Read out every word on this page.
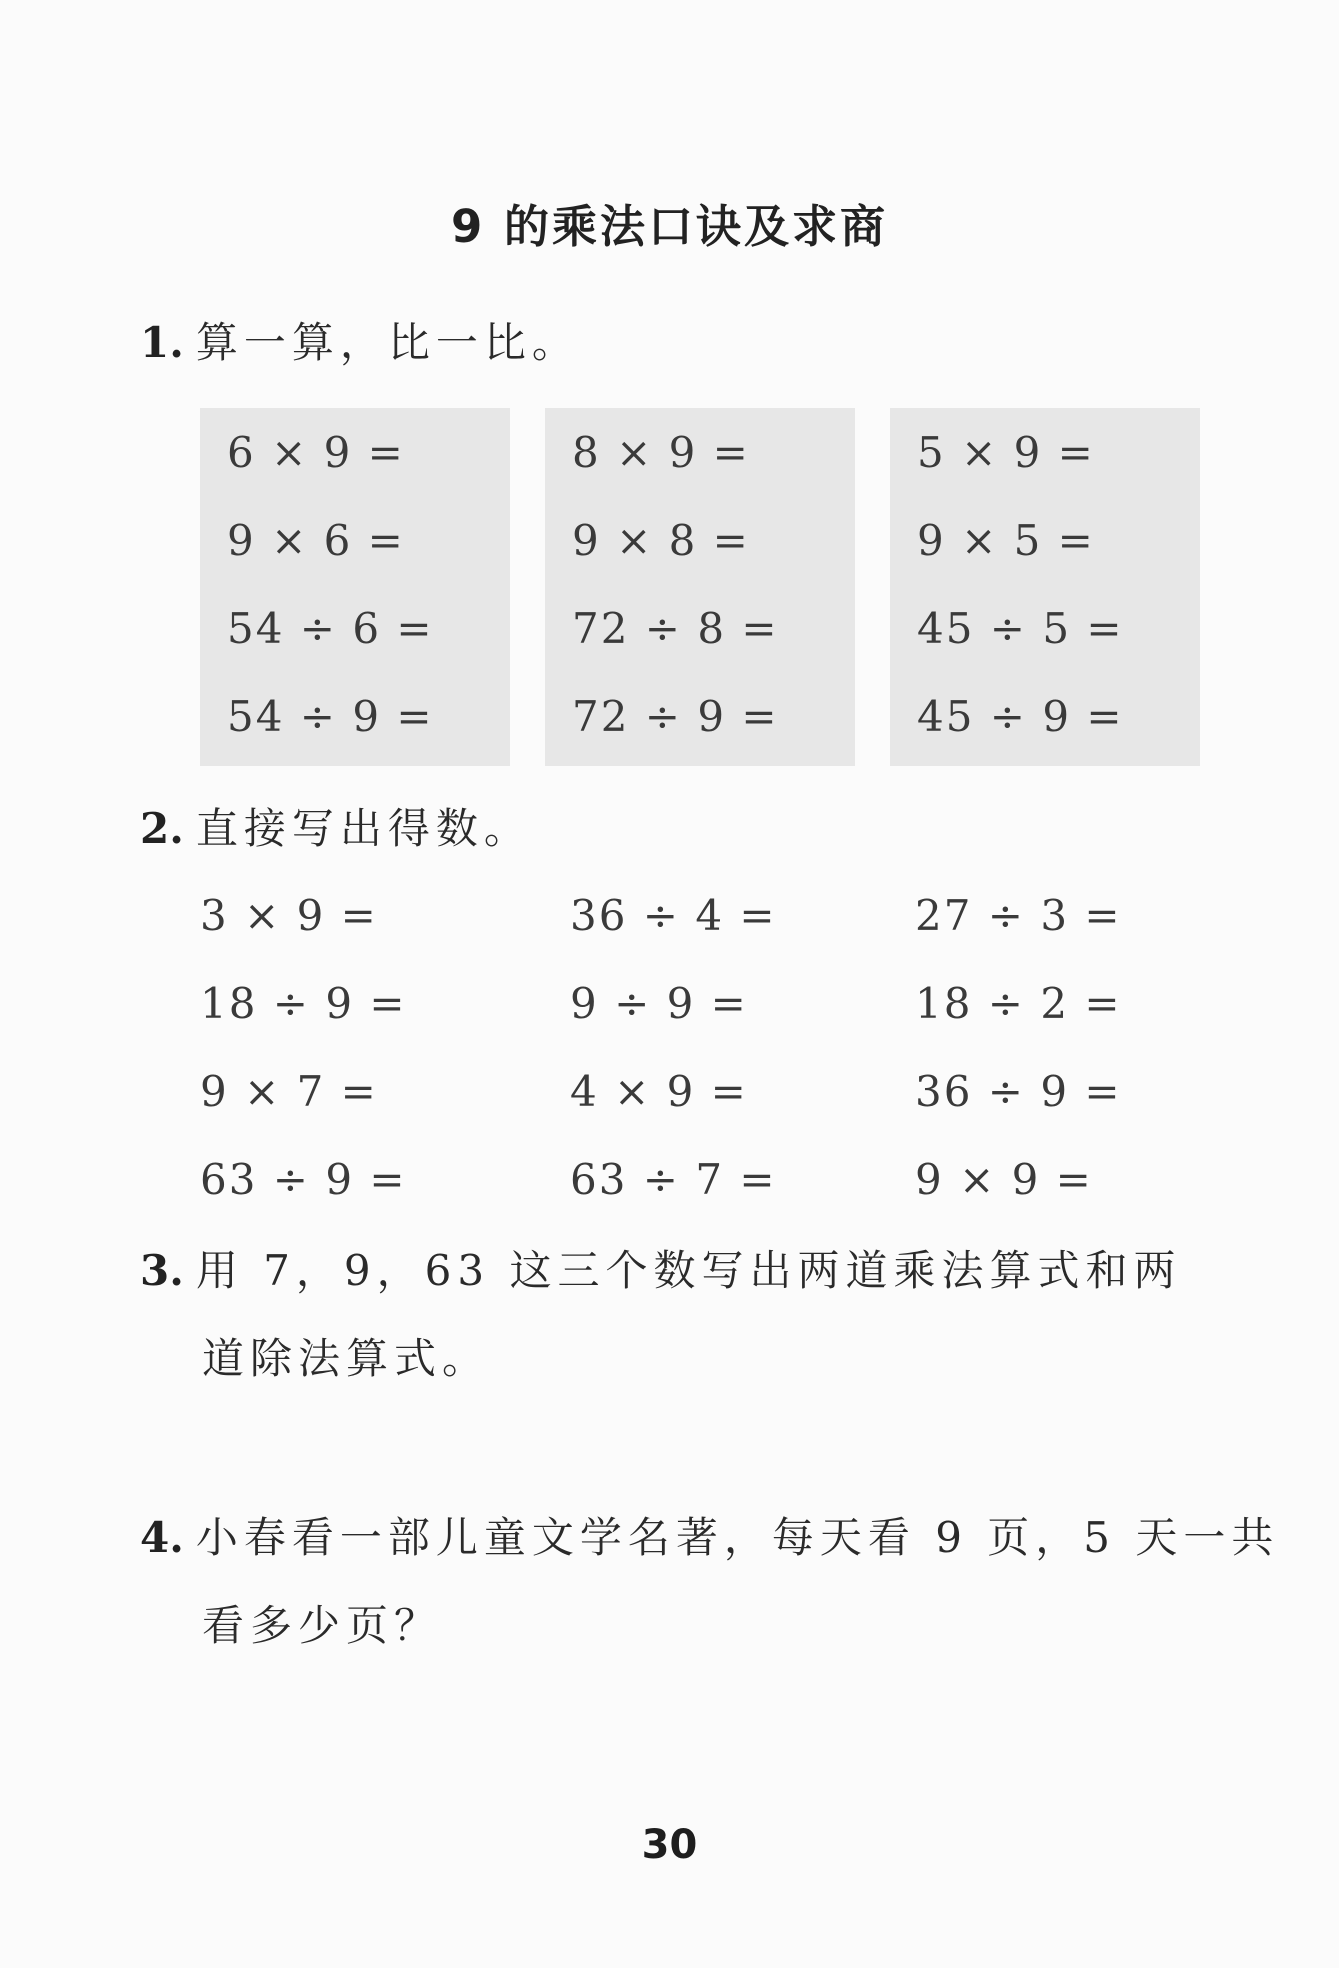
9 的乘法口诀及求商
1. 算一算，比一比。
6 × 9 =
9 × 6 =
54 ÷ 6 =
54 ÷ 9 =
8 × 9 =
9 × 8 =
72 ÷ 8 =
72 ÷ 9 =
5 × 9 =
9 × 5 =
45 ÷ 5 =
45 ÷ 9 =
2. 直接写出得数。
3 × 9 =	36 ÷ 4 =	27 ÷ 3 =
18 ÷ 9 =	9 ÷ 9 =	18 ÷ 2 =
9 × 7 =	4 × 9 =	36 ÷ 9 =
63 ÷ 9 =	63 ÷ 7 =	9 × 9 =
3. 用 7，9，63 这三个数写出两道乘法算式和两
道除法算式。
4. 小春看一部儿童文学名著，每天看 9 页，5 天一共
看多少页？
30
